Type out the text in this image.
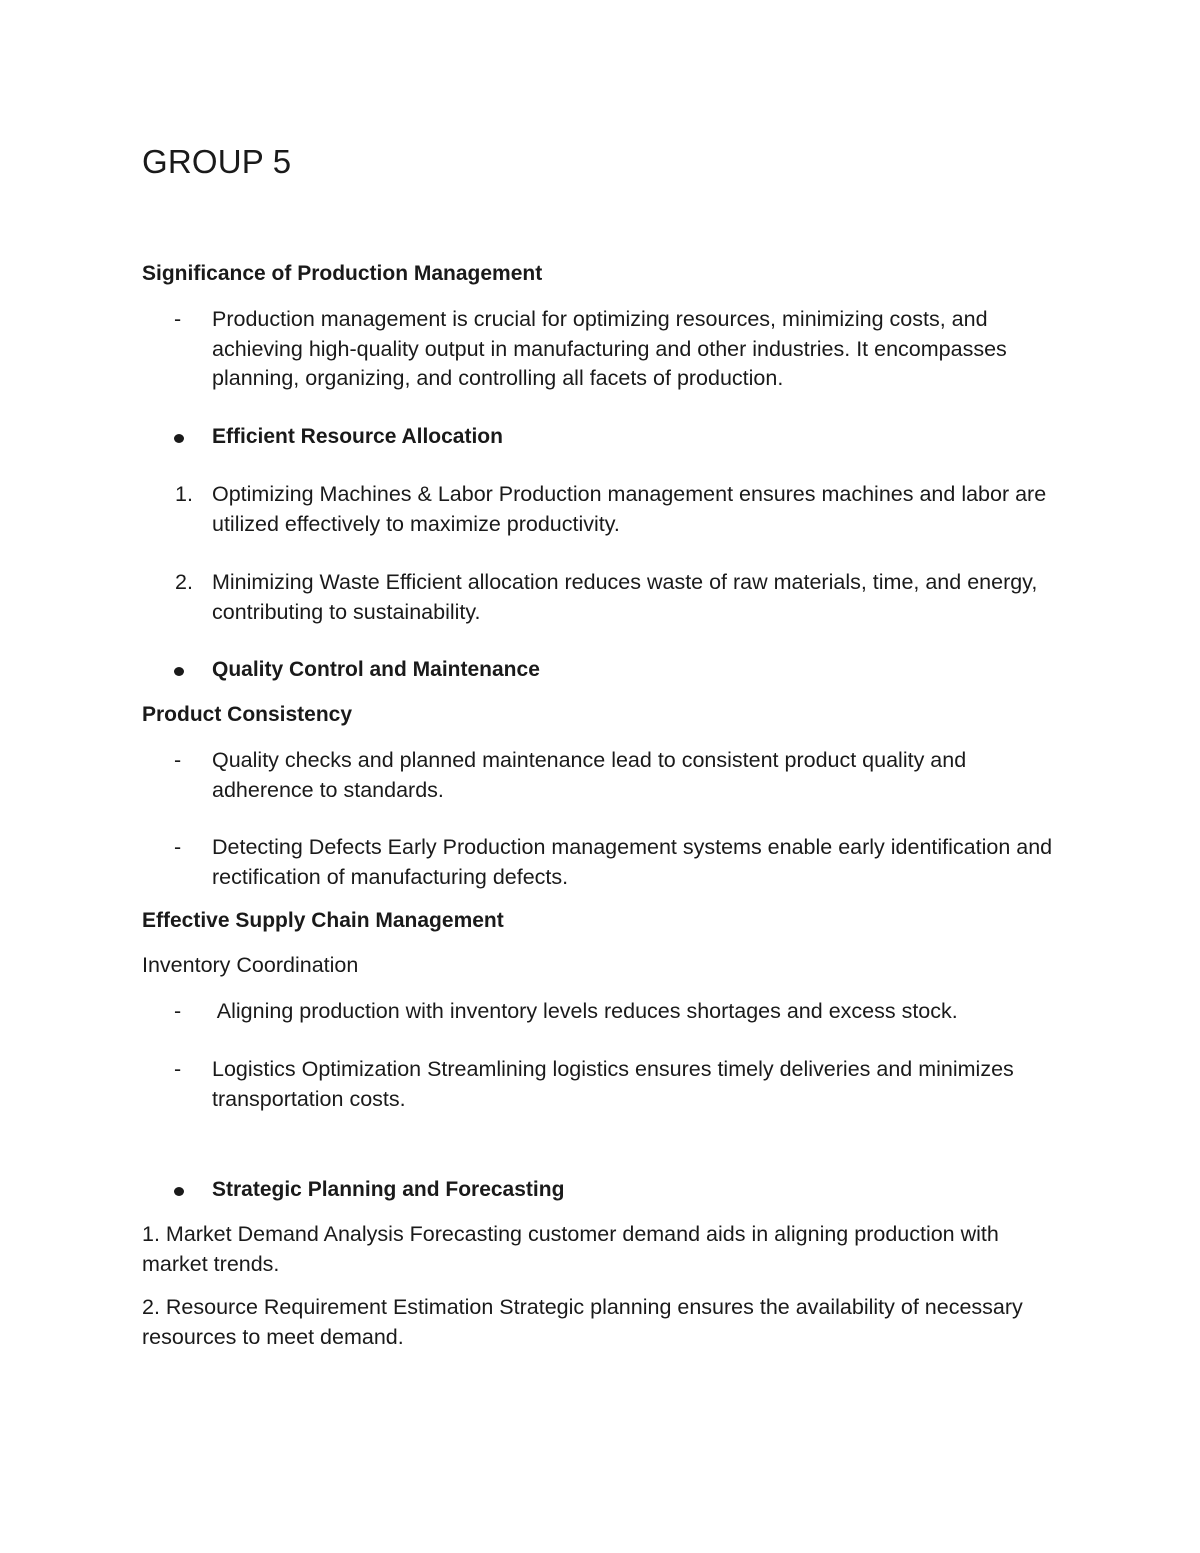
GROUP 5
Significance of Production Management
- Production management is crucial for optimizing resources, minimizing costs, and achieving high-quality output in manufacturing and other industries. It encompasses planning, organizing, and controlling all facets of production.
Efficient Resource Allocation
1. Optimizing Machines & Labor Production management ensures machines and labor are utilized effectively to maximize productivity.
2. Minimizing Waste Efficient allocation reduces waste of raw materials, time, and energy, contributing to sustainability.
Quality Control and Maintenance
Product Consistency
- Quality checks and planned maintenance lead to consistent product quality and adherence to standards.
- Detecting Defects Early Production management systems enable early identification and rectification of manufacturing defects.
Effective Supply Chain Management

Inventory Coordination

- Aligning production with inventory levels reduces shortages and excess stock.
- Logistics Optimization Streamlining logistics ensures timely deliveries and minimizes transportation costs.
Strategic Planning and Forecasting

1. Market Demand Analysis Forecasting customer demand aids in aligning production with market trends.

2. Resource Requirement Estimation Strategic planning ensures the availability of necessary resources to meet demand.
